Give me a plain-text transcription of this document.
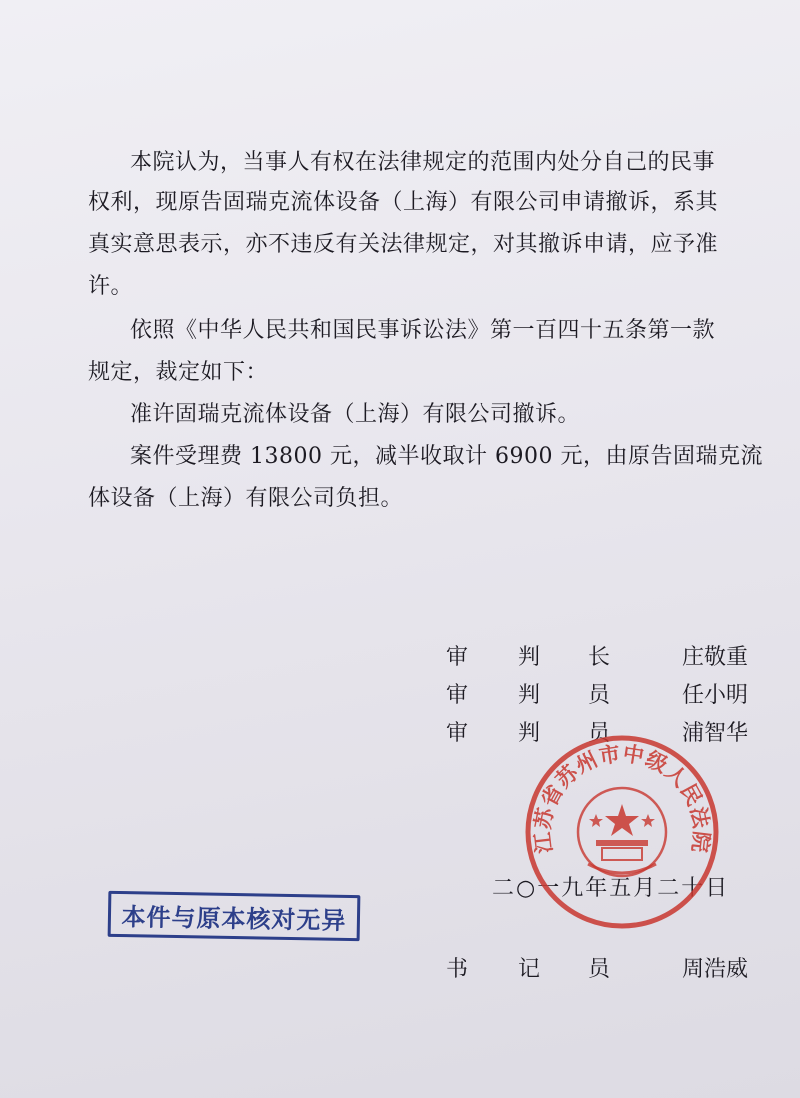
本院认为，当事人有权在法律规定的范围内处分自己的民事
权利，现原告固瑞克流体设备（上海）有限公司申请撤诉，系其
真实意思表示，亦不违反有关法律规定，对其撤诉申请，应予准
许。
依照《中华人民共和国民事诉讼法》第一百四十五条第一款
规定，裁定如下：
准许固瑞克流体设备（上海）有限公司撤诉。
案件受理费 13800 元，减半收取计 6900 元，由原告固瑞克流
体设备（上海）有限公司负担。
审 判 长	庄敬重
审 判 员	任小明
审 判 员	浦智华
二○一九年五月二十日
书 记 员	周浩威
本件与原本核对无异
江苏省苏州市中级人民法院
